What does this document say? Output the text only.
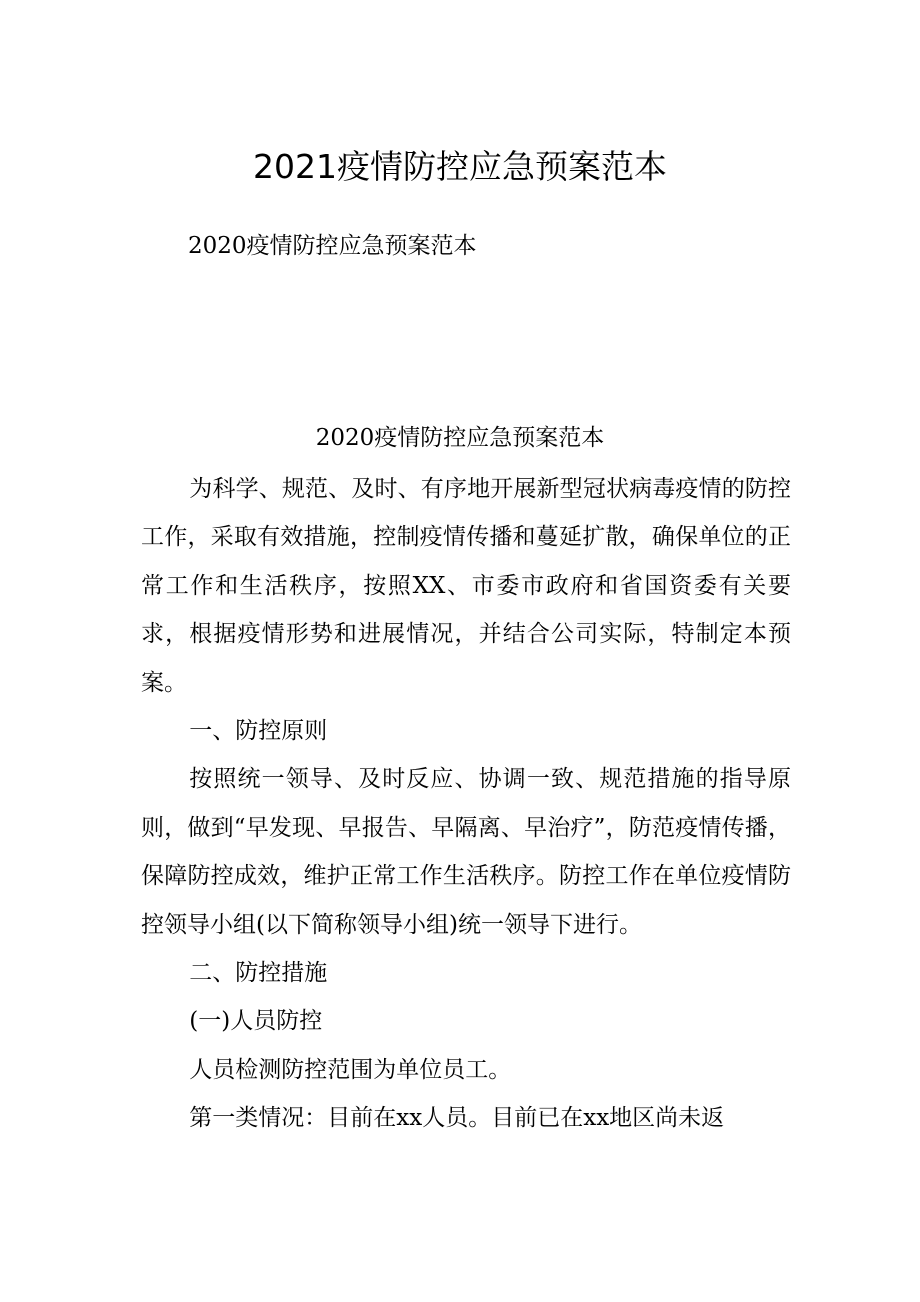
2021疫情防控应急预案范本

2020疫情防控应急预案范本

2020疫情防控应急预案范本

为科学、规范、及时、有序地开展新型冠状病毒疫情的防控工作，采取有效措施，控制疫情传播和蔓延扩散，确保单位的正常工作和生活秩序，按照XX、市委市政府和省国资委有关要求，根据疫情形势和进展情况，并结合公司实际，特制定本预案。

一、防控原则

按照统一领导、及时反应、协调一致、规范措施的指导原则，做到“早发现、早报告、早隔离、早治疗”，防范疫情传播，保障防控成效，维护正常工作生活秩序。防控工作在单位疫情防控领导小组(以下简称领导小组)统一领导下进行。

二、防控措施

(一)人员防控

人员检测防控范围为单位员工。

第一类情况：目前在xx人员。目前已在xx地区尚未返
